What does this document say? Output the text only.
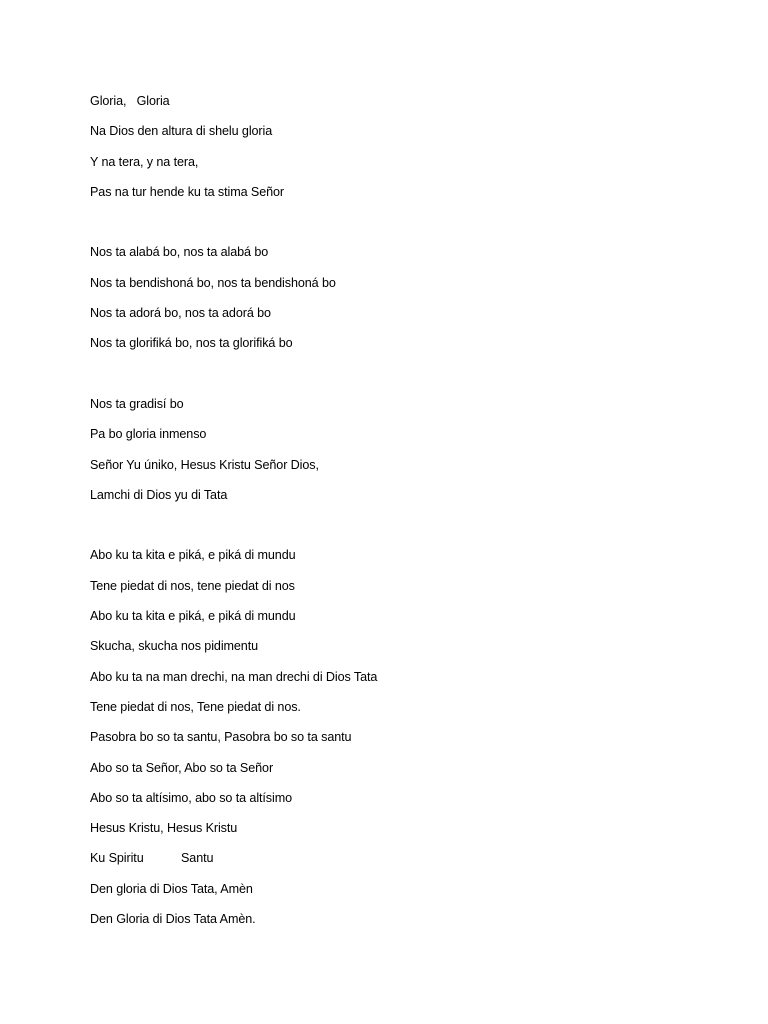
Gloria,   Gloria
Na Dios den altura di shelu gloria
Y na tera, y na tera,
Pas na tur hende ku ta stima Señor
Nos ta alabá bo, nos ta alabá bo
Nos ta bendishoná bo, nos ta bendishoná bo
Nos ta adorá bo, nos ta adorá bo
Nos ta glorifiká bo, nos ta glorifiká bo
Nos ta gradisí bo
Pa bo gloria inmenso
Señor Yu úniko, Hesus Kristu Señor Dios,
Lamchi di Dios yu di Tata
Abo ku ta kita e piká, e piká di mundu
Tene piedat di nos, tene piedat di nos
Abo ku ta kita e piká, e piká di mundu
Skucha, skucha nos pidimentu
Abo ku ta na man drechi, na man drechi di Dios Tata
Tene piedat di nos, Tene piedat di nos.
Pasobra bo so ta santu, Pasobra bo so ta santu
Abo so ta Señor, Abo so ta Señor
Abo so ta altísimo, abo so ta altísimo
Hesus Kristu, Hesus Kristu
Ku Spiritu           Santu
Den gloria di Dios Tata, Amèn
Den Gloria di Dios Tata Amèn.
